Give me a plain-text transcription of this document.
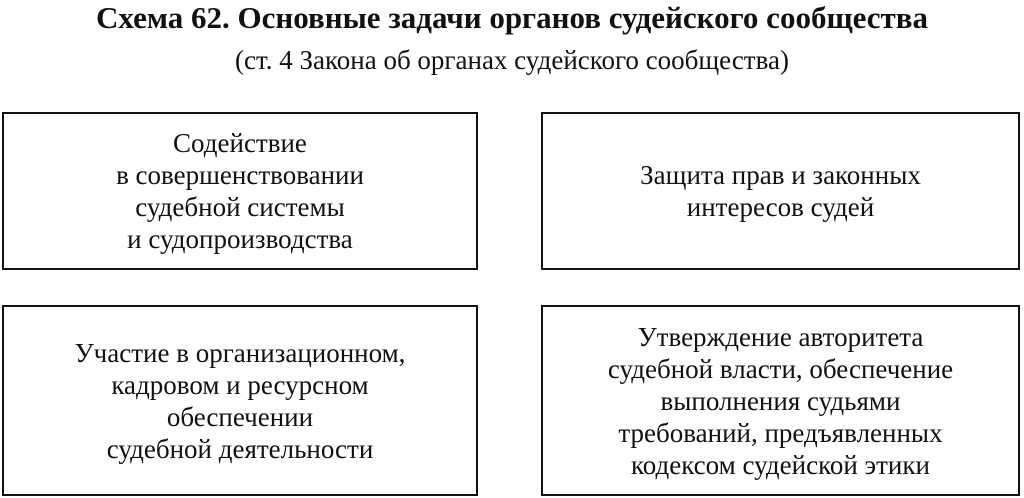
Схема 62. Основные задачи органов судейского сообщества
(ст. 4 Закона об органах судейского сообщества)

Содействие
в совершенствовании
судебной системы
и судопроизводства

Защита прав и законных
интересов судей

Участие в организационном,
кадровом и ресурсном
обеспечении
судебной деятельности

Утверждение авторитета
судебной власти, обеспечение
выполнения судьями
требований, предъявленных
кодексом судейской этики
